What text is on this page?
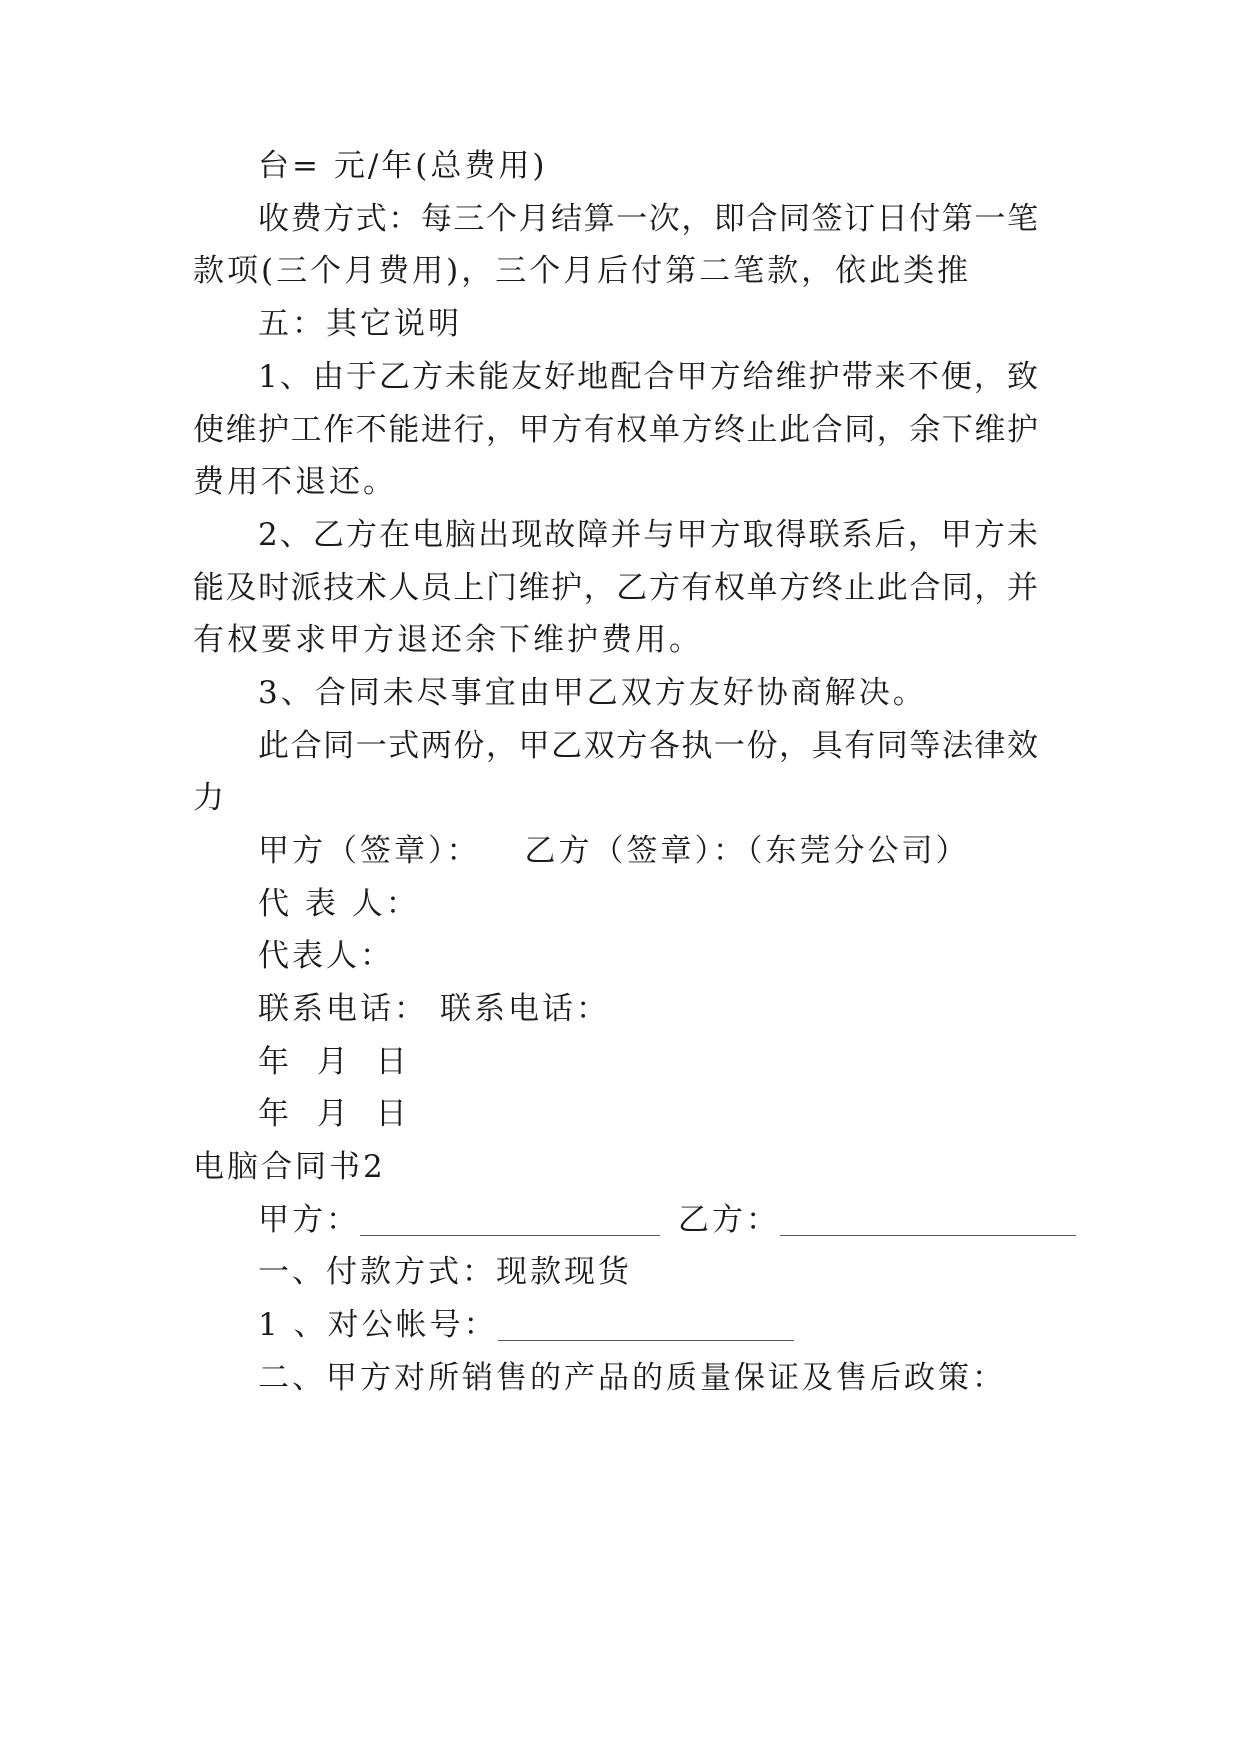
台= 元/年(总费用)
收费方式：每三个月结算一次，即合同签订日付第一笔
款项(三个月费用)，三个月后付第二笔款，依此类推
五：其它说明
1、由于乙方未能友好地配合甲方给维护带来不便，致
使维护工作不能进行，甲方有权单方终止此合同，余下维护
费用不退还。
2、乙方在电脑出现故障并与甲方取得联系后，甲方未
能及时派技术人员上门维护，乙方有权单方终止此合同，并
有权要求甲方退还余下维护费用。
3、合同未尽事宜由甲乙双方友好协商解决。
此合同一式两份，甲乙双方各执一份，具有同等法律效
力
甲方（签章）： 乙方（签章）：（东莞分公司）
代 表 人：
代表人：
联系电话： 联系电话：
年 月 日
年 月 日
电脑合同书2
甲方：	乙方：
一、付款方式：现款现货
1 、对公帐号：
二、甲方对所销售的产品的质量保证及售后政策：
